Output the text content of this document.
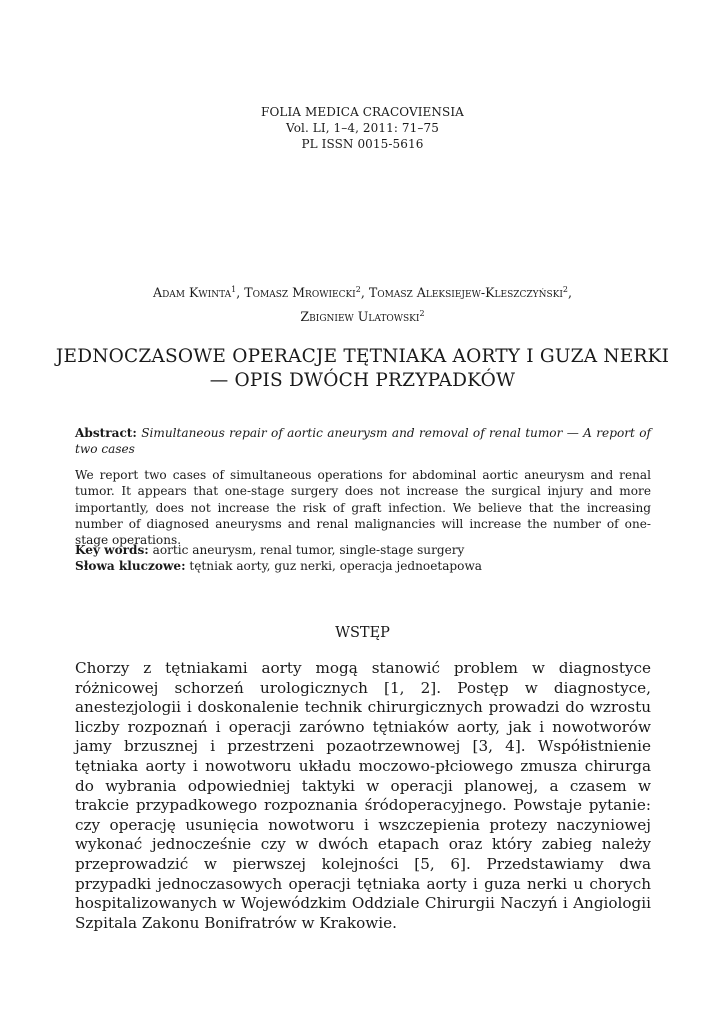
FOLIA MEDICA CRACOVIENSIA
Vol. LI, 1–4, 2011: 71–75
PL ISSN 0015-5616
Adam Kwinta$^1$, Tomasz Mrowiecki$^2$, Tomasz Aleksiejew-Kleszczyński$^2$,
Zbigniew Ulatowski$^2$
JEDNOCZASOWE OPERACJE TĘTNIAKA AORTY I GUZA NERKI
— OPIS DWÓCH PRZYPADKÓW
Abstract: Simultaneous repair of aortic aneurysm and removal of renal tumor — A report of two cases
We report two cases of simultaneous operations for abdominal aortic aneurysm and renal tumor. It appears that one-stage surgery does not increase the surgical injury and more importantly, does not increase the risk of graft infection. We believe that the increasing number of diagnosed aneurysms and renal malignancies will increase the number of one-stage operations.
Key words: aortic aneurysm, renal tumor, single-stage surgery
Słowa kluczowe: tętniak aorty, guz nerki, operacja jednoetapowa
WSTĘP
Chorzy z tętniakami aorty mogą stanowić problem w diagnostyce różnicowej schorzeń urologicznych [1, 2]. Postęp w diagnostyce, anestezjologii i doskonalenie technik chirurgicznych prowadzi do wzrostu liczby rozpoznań i operacji zarówno tętniaków aorty, jak i nowotworów jamy brzusznej i przestrzeni pozaotrzewnowej [3, 4]. Współistnienie tętniaka aorty i nowotworu układu moczowo-płciowego zmusza chirurga do wybrania odpowiedniej taktyki w operacji planowej, a czasem w trakcie przypadkowego rozpoznania śródoperacyjnego. Powstaje pytanie: czy operację usunięcia nowotworu i wszczepienia protezy naczyniowej wykonać jednocześnie czy w dwóch etapach oraz który zabieg należy przeprowadzić w pierwszej kolejności [5, 6]. Przedstawiamy dwa przypadki jednoczasowych operacji tętniaka aorty i guza nerki u chorych hospitalizowanych w Wojewódzkim Oddziale Chirurgii Naczyń i Angiologii Szpitala Zakonu Bonifratrów w Krakowie.
